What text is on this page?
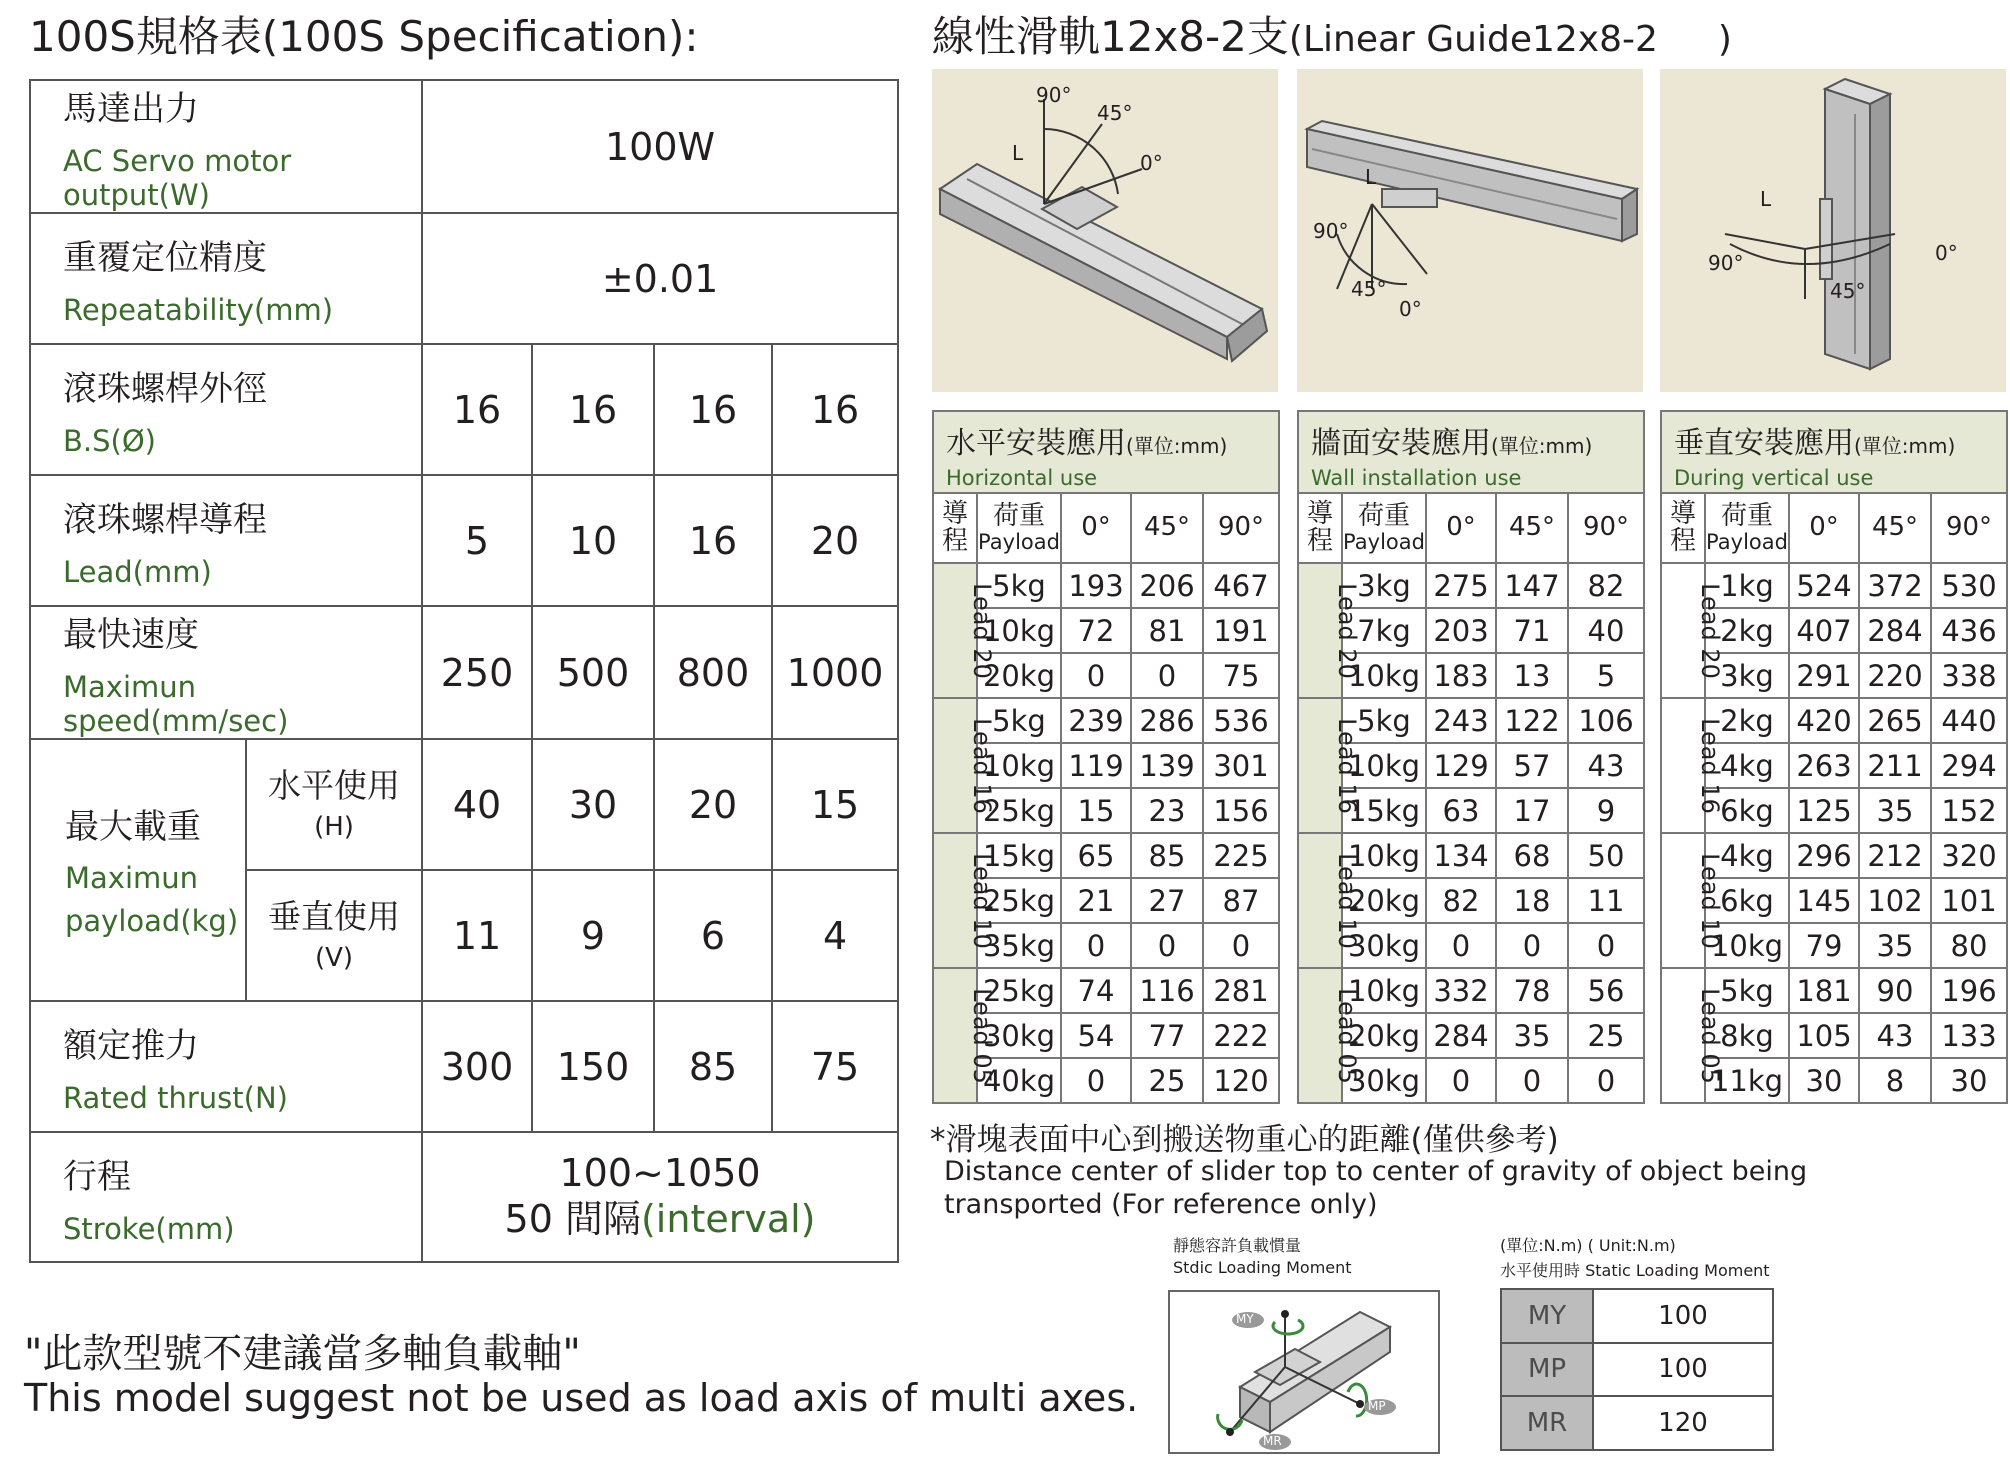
100S規格表(100S Specification):	線性滑軌12x8-2支(Linear Guide12x8-2 )
馬達出力
AC Servo motor output(W)		100W			

重覆定位精度
Repeatability(mm)		±0.01			

滾珠螺桿外徑
B.S(Ø)		16	16	16	16

滾珠螺桿導程
Lead(mm)		5	10	16	20

最快速度
Maximun speed(mm/sec)		250	500	800	1000

最大載重
Maximun
payload(kg)	水平使用
(H)	40	30	20	15

	垂直使用
(V)	11	9	6	4

額定推力
Rated thrust(N)		300	150	85	75

行程
Stroke(mm)		100~1050
50 間隔(interval)			
"此款型號不建議當多軸負載軸"
This model suggest not be used as load axis of multi axes.
90°
45°
0°
L
90°
45°
0°
L
90°
45°
0°
L
水平安裝應用(單位:mm)
Horizontal use				

導程	荷重
Payload	0°	45°	90°
Lead 20	5kg	193	206	467
	10kg	72	81	191
	20kg	0	0	75
Lead 16	5kg	239	286	536
	10kg	119	139	301
	25kg	15	23	156
Lead 10	15kg	65	85	225
	25kg	21	27	87
	35kg	0	0	0
Lead 05	25kg	74	116	281
	30kg	54	77	222
	40kg	0	25	120
牆面安裝應用(單位:mm)
Wall installation use				

導程	荷重
Payload	0°	45°	90°
Lead 20	3kg	275	147	82
	7kg	203	71	40
	10kg	183	13	5
Lead 16	5kg	243	122	106
	10kg	129	57	43
	15kg	63	17	9
Lead 10	10kg	134	68	50
	20kg	82	18	11
	30kg	0	0	0
Lead 05	10kg	332	78	56
	20kg	284	35	25
	30kg	0	0	0
垂直安裝應用(單位:mm)
During vertical use				

導程	荷重
Payload	0°	45°	90°
Lead 20	1kg	524	372	530
	2kg	407	284	436
	3kg	291	220	338
Lead 16	2kg	420	265	440
	4kg	263	211	294
	6kg	125	35	152
Lead 10	4kg	296	212	320
	6kg	145	102	101
	10kg	79	35	80
Lead 05	5kg	181	90	196
	8kg	105	43	133
	11kg	30	8	30
*滑塊表面中心到搬送物重心的距離(僅供參考)
Distance center of slider top to center of gravity of object being
transported (For reference only)
靜態容許負載慣量
Stdic Loading Moment
MY
MP
MR
(單位:N.m) ( Unit:N.m)
水平使用時 Static Loading Moment
MY	100
MP	100
MR	120
